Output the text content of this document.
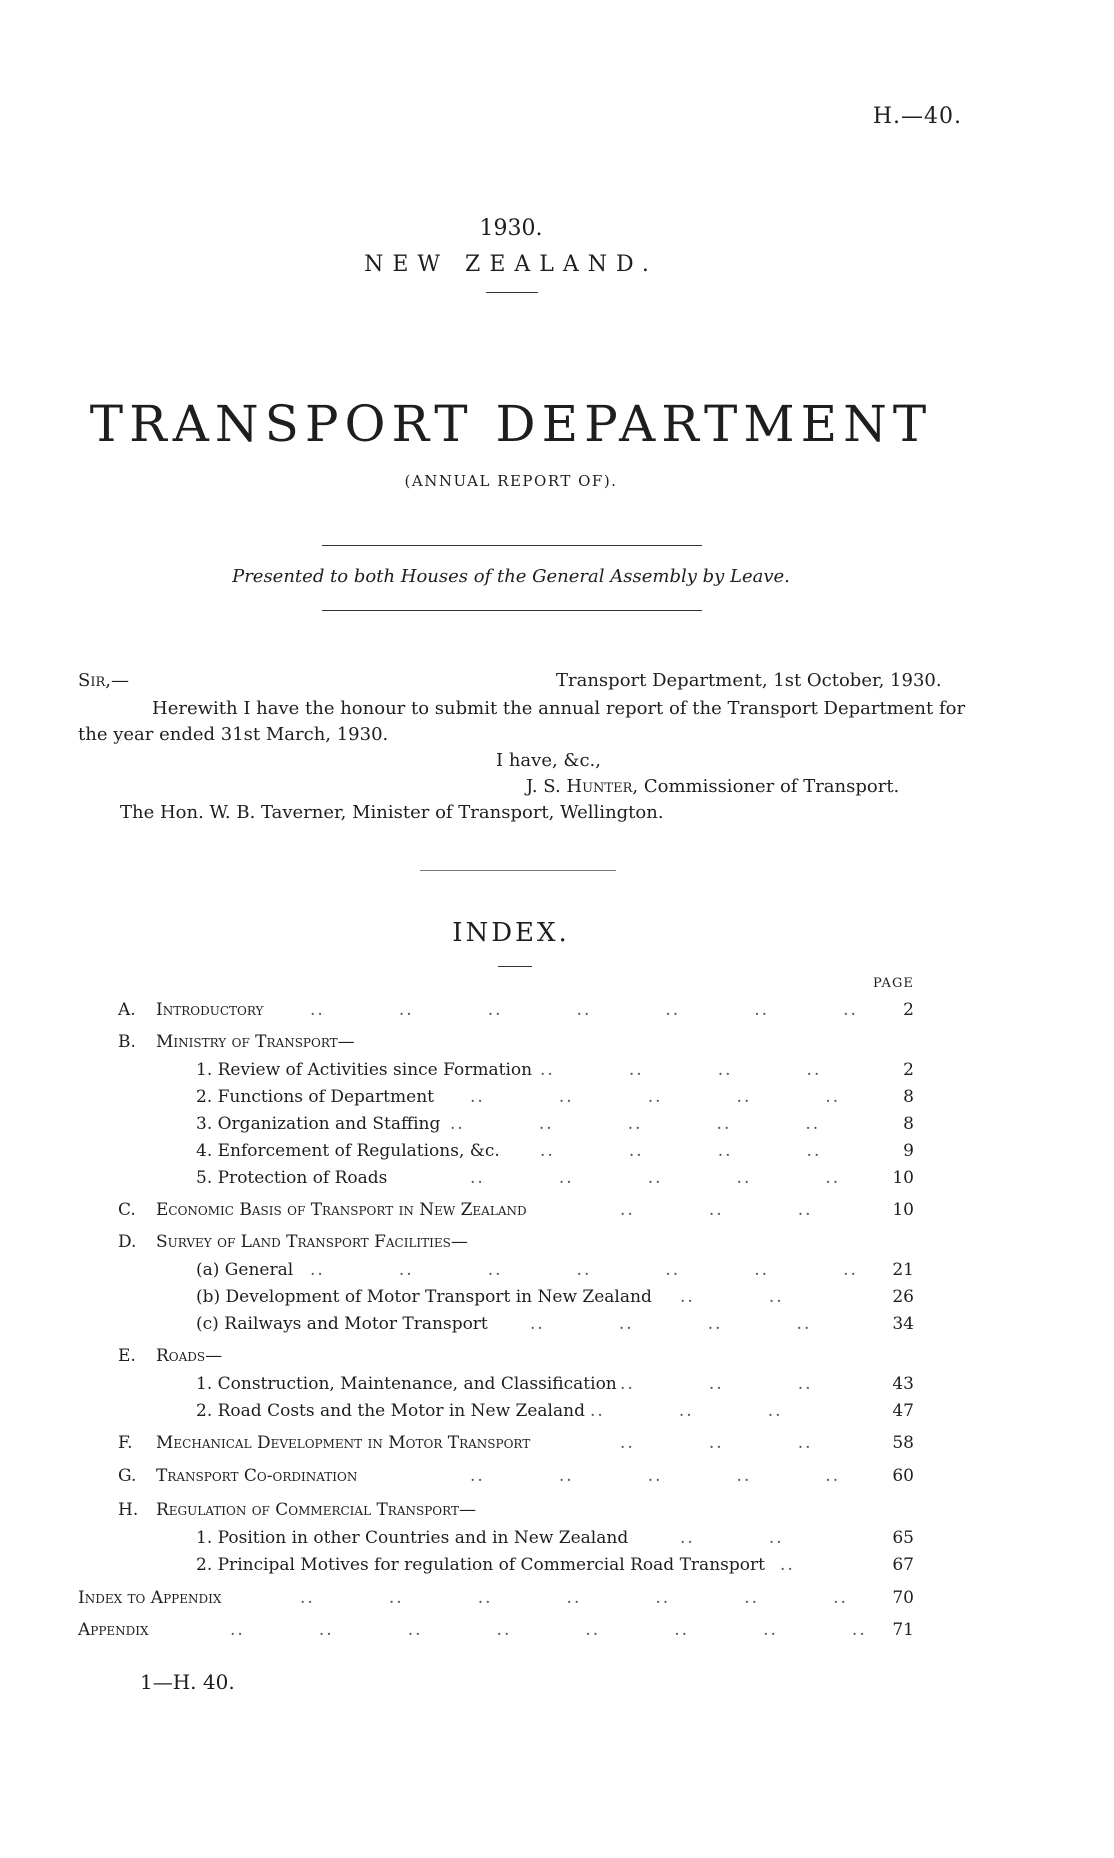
H.—40.
1930.
NEW ZEALAND.
TRANSPORT DEPARTMENT
(ANNUAL REPORT OF).
Presented to both Houses of the General Assembly by Leave.
Sir,—	Transport Department, 1st October, 1930.
Herewith I have the honour to submit the annual report of the Transport Department for
the year ended 31st March, 1930.
I have, &c.,
J. S. Hunter, Commissioner of Transport.
The Hon. W. B. Taverner, Minister of Transport, Wellington.
INDEX.
PAGE
A. Introductory	..          ..          ..          ..          ..          ..          ..	2
B. Ministry of Transport—
1. Review of Activities since Formation ..          ..          ..          ..	2
2. Functions of Department ..          ..          ..          ..          ..	8
3. Organization and Staffing ..          ..          ..          ..          ..	8
4. Enforcement of Regulations, &c. ..          ..          ..          ..	9
5. Protection of Roads	..          ..          ..          ..          ..	10
C. Economic Basis of Transport in New Zealand	..          ..          ..	10
D. Survey of Land Transport Facilities—
(a) General ..          ..          ..          ..          ..          ..          .. 21
(b) Development of Motor Transport in New Zealand ..          ..	26
(c) Railways and Motor Transport ..          ..          ..          ..	34
E. Roads—
1. Construction, Maintenance, and Classification ..          ..          ..	43
2. Road Costs and the Motor in New Zealand ..          ..          ..	47
F. Mechanical Development in Motor Transport	..          ..          ..	58
G. Transport Co-ordination	..          ..          ..          ..          ..	60
H. Regulation of Commercial Transport—
1. Position in other Countries and in New Zealand	..          ..	65
2. Principal Motives for regulation of Commercial Road Transport ..	67
Index to Appendix	..          ..          ..          ..          ..          ..          ..	70
Appendix	..          ..          ..          ..          ..          ..          ..          .. 71
1—H. 40.
